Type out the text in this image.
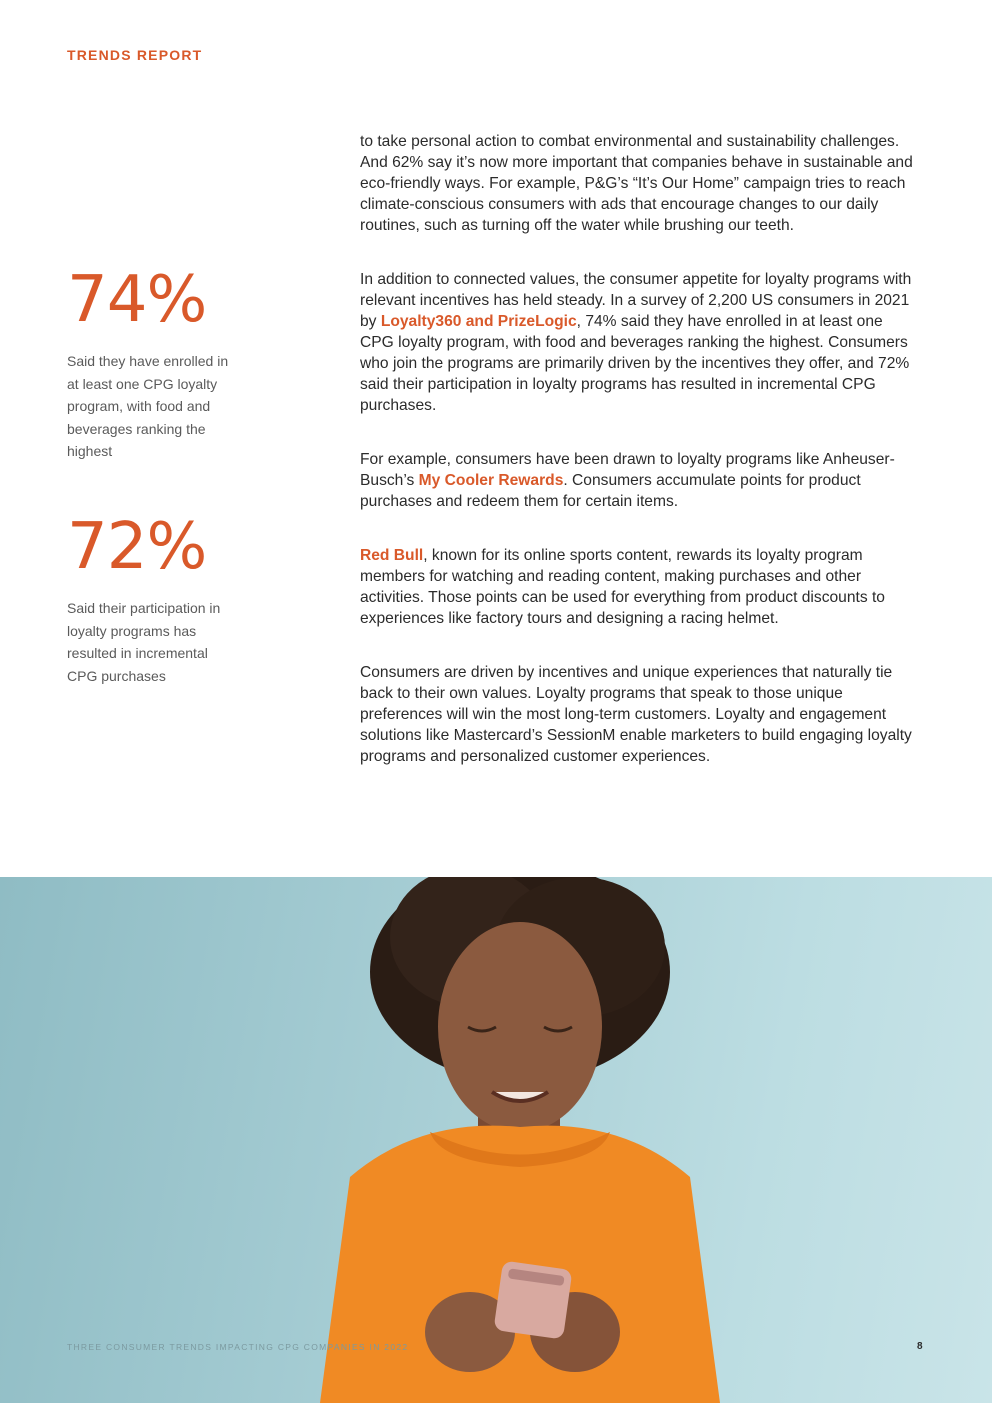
TRENDS REPORT
74%
Said they have enrolled in at least one CPG loyalty program, with food and beverages ranking the highest
72%
Said their participation in loyalty programs has resulted in incremental CPG purchases

to take personal action to combat environmental and sustainability challenges. And 62% say it’s now more important that companies behave in sustainable and eco-friendly ways. For example, P&G’s “It’s Our Home” campaign tries to reach climate-conscious consumers with ads that encourage changes to our daily routines, such as turning off the water while brushing our teeth.

In addition to connected values, the consumer appetite for loyalty programs with relevant incentives has held steady. In a survey of 2,200 US consumers in 2021 by Loyalty360 and PrizeLogic, 74% said they have enrolled in at least one CPG loyalty program, with food and beverages ranking the highest. Consumers who join the programs are primarily driven by the incentives they offer, and 72% said their participation in loyalty programs has resulted in incremental CPG purchases.

For example, consumers have been drawn to loyalty programs like Anheuser-Busch’s My Cooler Rewards. Consumers accumulate points for product purchases and redeem them for certain items.

Red Bull, known for its online sports content, rewards its loyalty program members for watching and reading content, making purchases and other activities. Those points can be used for everything from product discounts to experiences like factory tours and designing a racing helmet.

Consumers are driven by incentives and unique experiences that naturally tie back to their own values. Loyalty programs that speak to those unique preferences will win the most long-term customers. Loyalty and engagement solutions like Mastercard’s SessionM enable marketers to build engaging loyalty programs and personalized customer experiences.

THREE CONSUMER TRENDS IMPACTING CPG COMPANIES IN 2022	8
